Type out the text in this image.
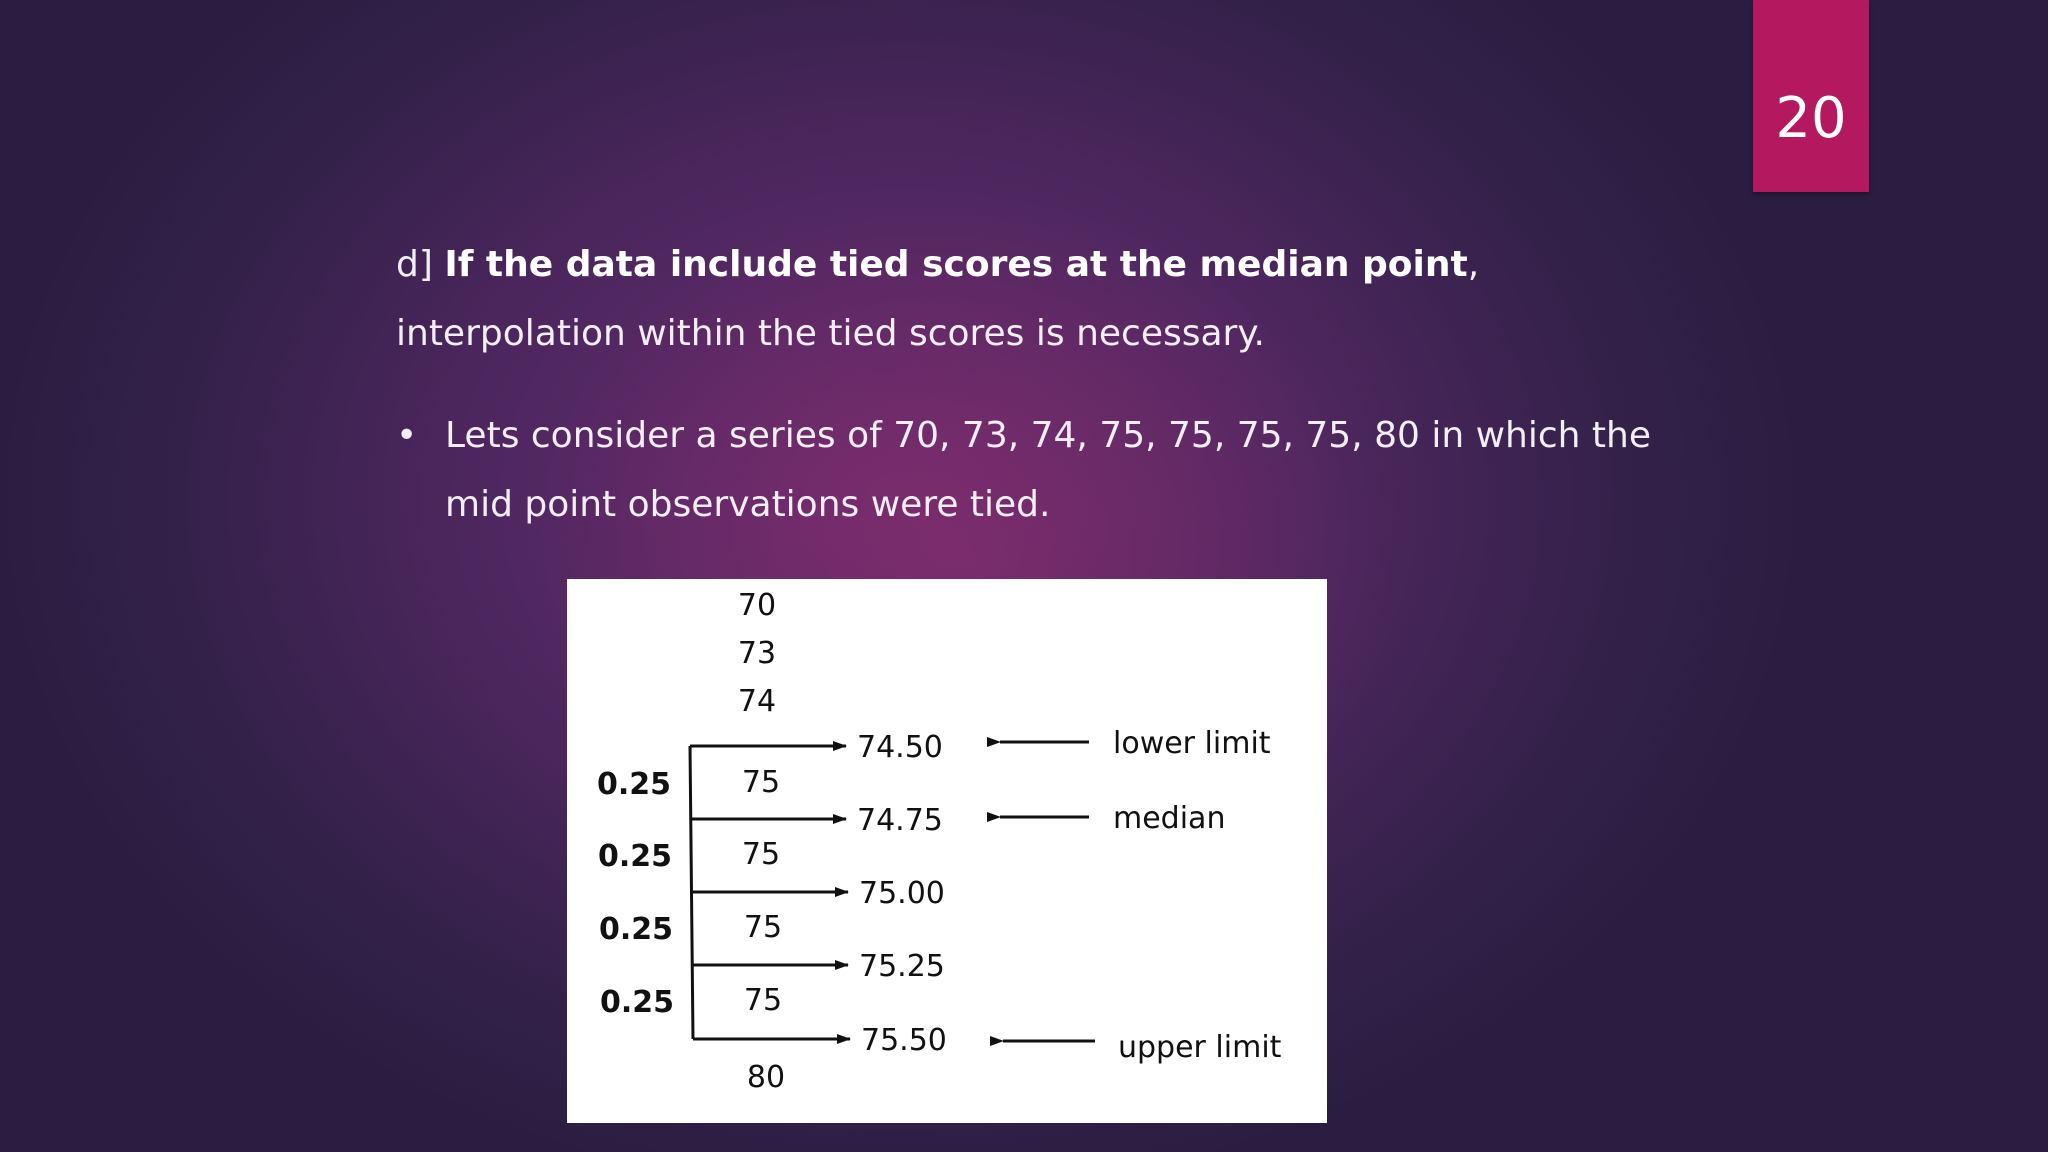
20

d] If the data include tied scores at the median point, interpolation within the tied scores is necessary.

• Lets consider a series of 70, 73, 74, 75, 75, 75, 75, 80 in which the mid point observations were tied.
70
73
74
75
75
75
75
80
0.25
0.25
0.25
0.25
74.50
74.75
75.00
75.25
75.50
lower limit
median
upper limit
